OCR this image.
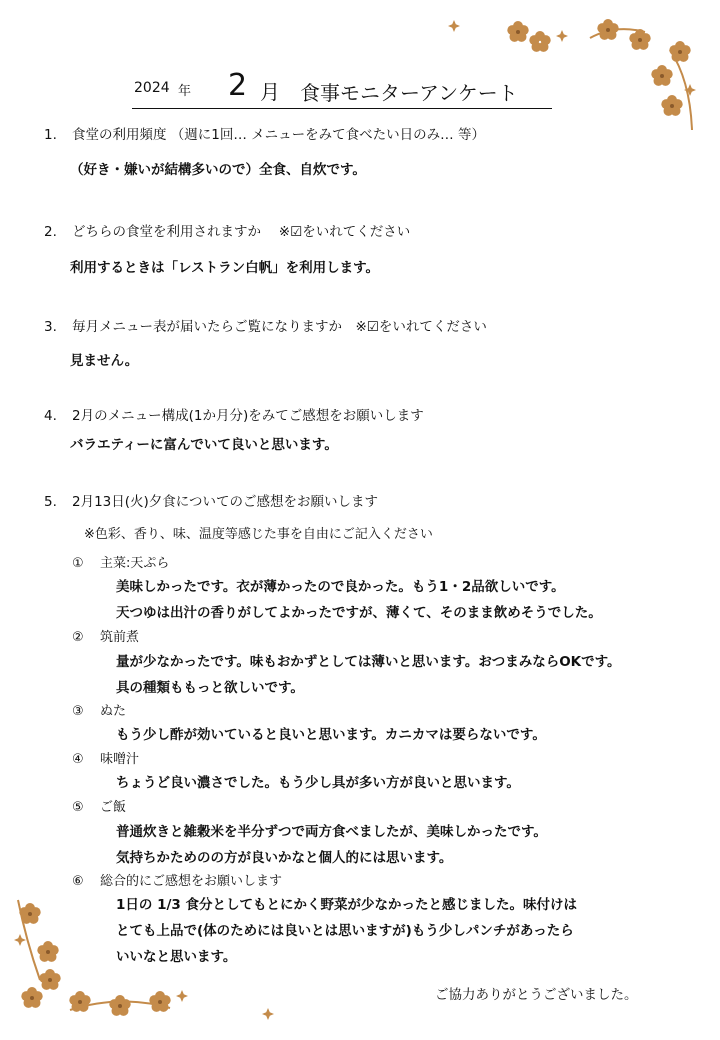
2024 年 2 月 食事モニターアンケート
1. 食堂の利用頻度 （週に1回… メニューをみて食べたい日のみ… 等）
（好き・嫌いが結構多いので）全食、自炊です。
2. どちらの食堂を利用されますか　 ※☑をいれてください
利用するときは「レストラン白帆」を利用します。
3. 毎月メニュー表が届いたらご覧になりますか　※☑をいれてください
見ません。
4. 2月のメニュー構成(1か月分)をみてご感想をお願いします
バラエティーに富んでいて良いと思います。
5. 2月13日(火)夕食についてのご感想をお願いします
※色彩、香り、味、温度等感じた事を自由にご記入ください
① 主菜:天ぷら
美味しかったです。衣が薄かったので良かった。もう1・2品欲しいです。
天つゆは出汁の香りがしてよかったですが、薄くて、そのまま飲めそうでした。
② 筑前煮
量が少なかったです。味もおかずとしては薄いと思います。おつまみならOKです。
具の種類ももっと欲しいです。
③ ぬた
もう少し酢が効いていると良いと思います。カニカマは要らないです。
④ 味噌汁
ちょうど良い濃さでした。もう少し具が多い方が良いと思います。
⑤ ご飯
普通炊きと雑穀米を半分ずつで両方食べましたが、美味しかったです。
気持ちかためのの方が良いかなと個人的には思います。
⑥ 総合的にご感想をお願いします
1日の 1/3 食分としてもとにかく野菜が少なかったと感じました。味付けは
とても上品で(体のためには良いとは思いますが)もう少しパンチがあったら
いいなと思います。
ご協力ありがとうございました。
